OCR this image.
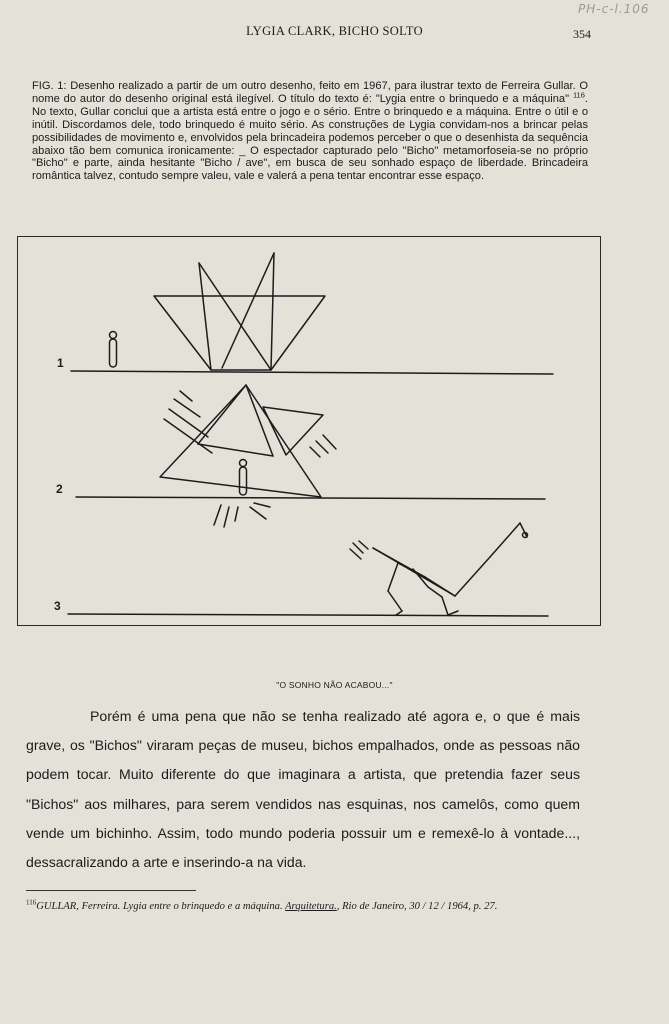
PH-c-l.106
LYGIA CLARK, BICHO SOLTO	354
FIG. 1: Desenho realizado a partir de um outro desenho, feito em 1967, para ilustrar texto de Ferreira Gullar. O nome do autor do desenho original está ilegível. O título do texto é: "Lygia entre o brinquedo e a máquina" $^{116}$. No texto, Gullar conclui que a artista está entre o jogo e o sério. Entre o brinquedo e a máquina. Entre o útil e o inútil. Discordamos dele, todo brinquedo é muito sério. As construções de Lygia convidam-nos a brincar pelas possibilidades de movimento e, envolvidos pela brincadeira podemos perceber o que o desenhista da sequência abaixo tão bem comunica ironicamente: _ O espectador capturado pelo "Bicho" metamorfoseia-se no próprio "Bicho" e parte, ainda hesitante "Bicho / ave", em busca de seu sonhado espaço de liberdade. Brincadeira romântica talvez, contudo sempre valeu, vale e valerá a pena tentar encontrar esse espaço.
1
2
3
"O SONHO NÃO ACABOU..."
Porém é uma pena que não se tenha realizado até agora e, o que é mais grave, os "Bichos" viraram peças de museu, bichos empalhados, onde as pessoas não podem tocar. Muito diferente do que imaginara a artista, que pretendia fazer seus "Bichos" aos milhares, para serem vendidos nas esquinas, nos camelôs, como quem vende um bichinho. Assim, todo mundo poderia possuir um e remexê-lo à vontade..., dessacralizando a arte e inserindo-a na vida.
$^{116}$GULLAR, Ferreira. Lygia entre o brinquedo e a máquina. Arquitetura., Rio de Janeiro, 30 / 12 / 1964, p. 27.
